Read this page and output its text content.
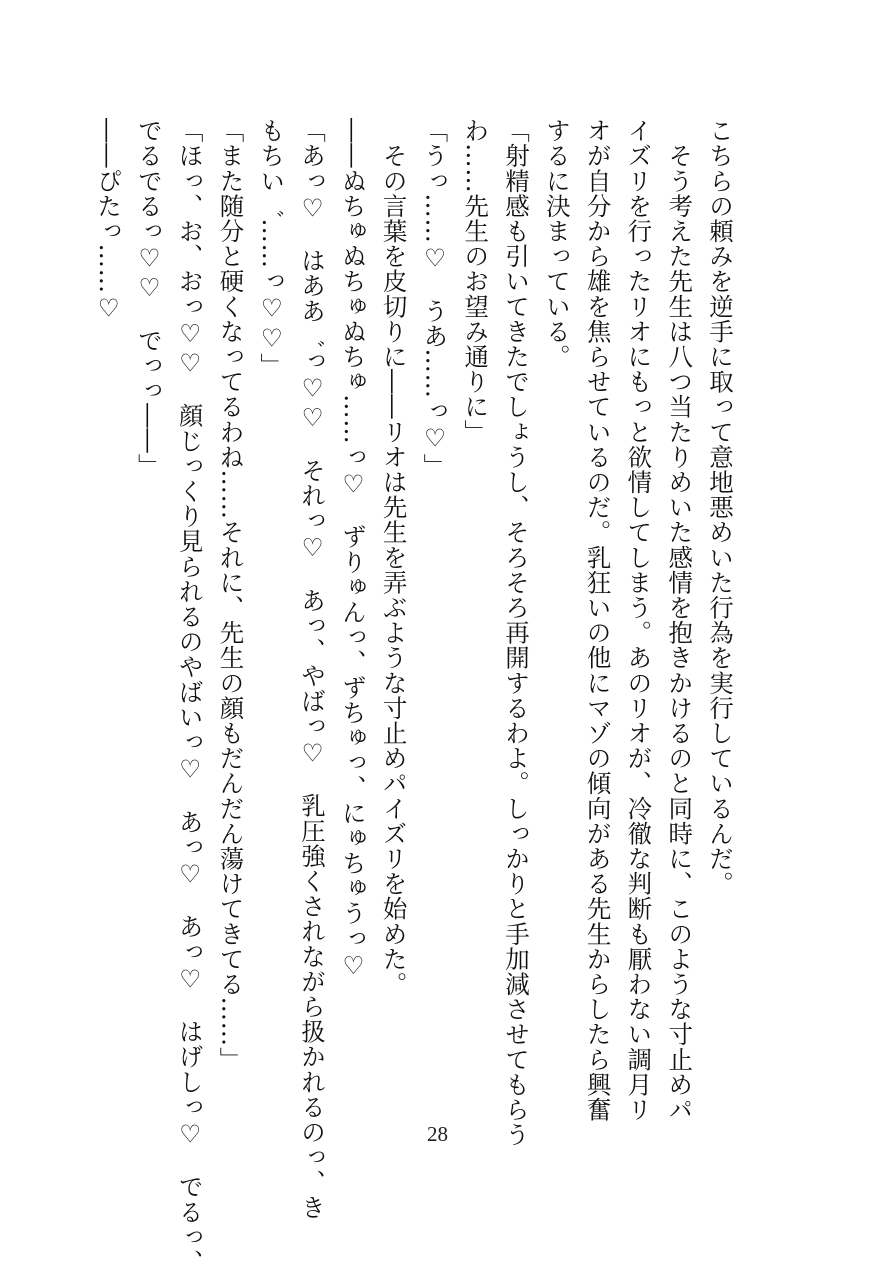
こちらの頼みを逆手に取って意地悪めいた行為を実行しているんだ。
　そう考えた先生は八つ当たりめいた感情を抱きかけるのと同時に、このような寸止めパ
イズリを行ったリオにもっと欲情してしまう。あのリオが、冷徹な判断も厭わない調月リ
オが自分から雄を焦らせているのだ。乳狂いの他にマゾの傾向がある先生からしたら興奮
するに決まっている。
「射精感も引いてきたでしょうし、そろそろ再開するわよ。しっかりと手加減させてもらう
わ……先生のお望み通りに」
「うっ……♡　うあ……っ♡」
　その言葉を皮切りに――リオは先生を弄ぶような寸止めパイズリを始めた。
――ぬちゅぬちゅぬちゅ……っ♡　ずりゅんっ、ずちゅっ、にゅちゅうっ♡
「あっ♡　はああ゛っ♡♡　それっ♡　あっ、やばっ♡　乳圧強くされながら扱かれるのっ、き
もちい゛……っ♡♡」
「また随分と硬くなってるわね……それに、先生の顔もだんだん蕩けてきてる……」
「ほっ、お、おっ♡♡　顔じっくり見られるのやばいっ♡　あっ♡　あっ♡　はげしっ♡　でるっ、
でるでるっ♡♡　でっっ――」
――ぴたっ……♡
28
